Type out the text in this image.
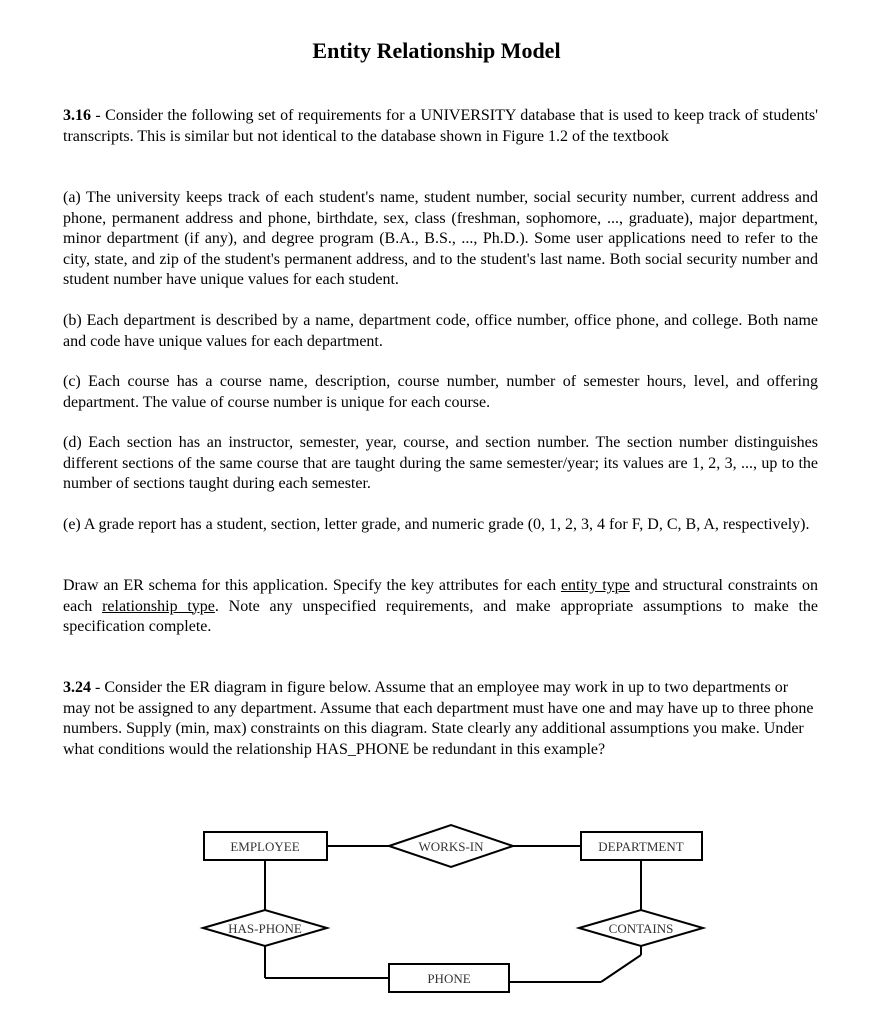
Entity Relationship Model

3.16 - Consider the following set of requirements for a UNIVERSITY database that is used to keep track of students' transcripts. This is similar but not identical to the database shown in Figure 1.2 of the textbook

(a) The university keeps track of each student's name, student number, social security number, current address and phone, permanent address and phone, birthdate, sex, class (freshman, sophomore, ..., graduate), major department, minor department (if any), and degree program (B.A., B.S., ..., Ph.D.). Some user applications need to refer to the city, state, and zip of the student's permanent address, and to the student's last name. Both social security number and student number have unique values for each student.

(b) Each department is described by a name, department code, office number, office phone, and college. Both name and code have unique values for each department.

(c) Each course has a course name, description, course number, number of semester hours, level, and offering department. The value of course number is unique for each course.

(d) Each section has an instructor, semester, year, course, and section number. The section number distinguishes different sections of the same course that are taught during the same semester/year; its values are 1, 2, 3, ..., up to the number of sections taught during each semester.

(e) A grade report has a student, section, letter grade, and numeric grade (0, 1, 2, 3, 4 for F, D, C, B, A, respectively).

Draw an ER schema for this application. Specify the key attributes for each entity type and structural constraints on each relationship type. Note any unspecified requirements, and make appropriate assumptions to make the specification complete.

3.24 - Consider the ER diagram in figure below. Assume that an employee may work in up to two departments or may not be assigned to any department. Assume that each department must have one and may have up to three phone numbers. Supply (min, max) constraints on this diagram. State clearly any additional assumptions you make. Under what conditions would the relationship HAS_PHONE be redundant in this example?

EMPLOYEE	DEPARTMENT
PHONE
WORKS-IN
HAS-PHONE	CONTAINS
